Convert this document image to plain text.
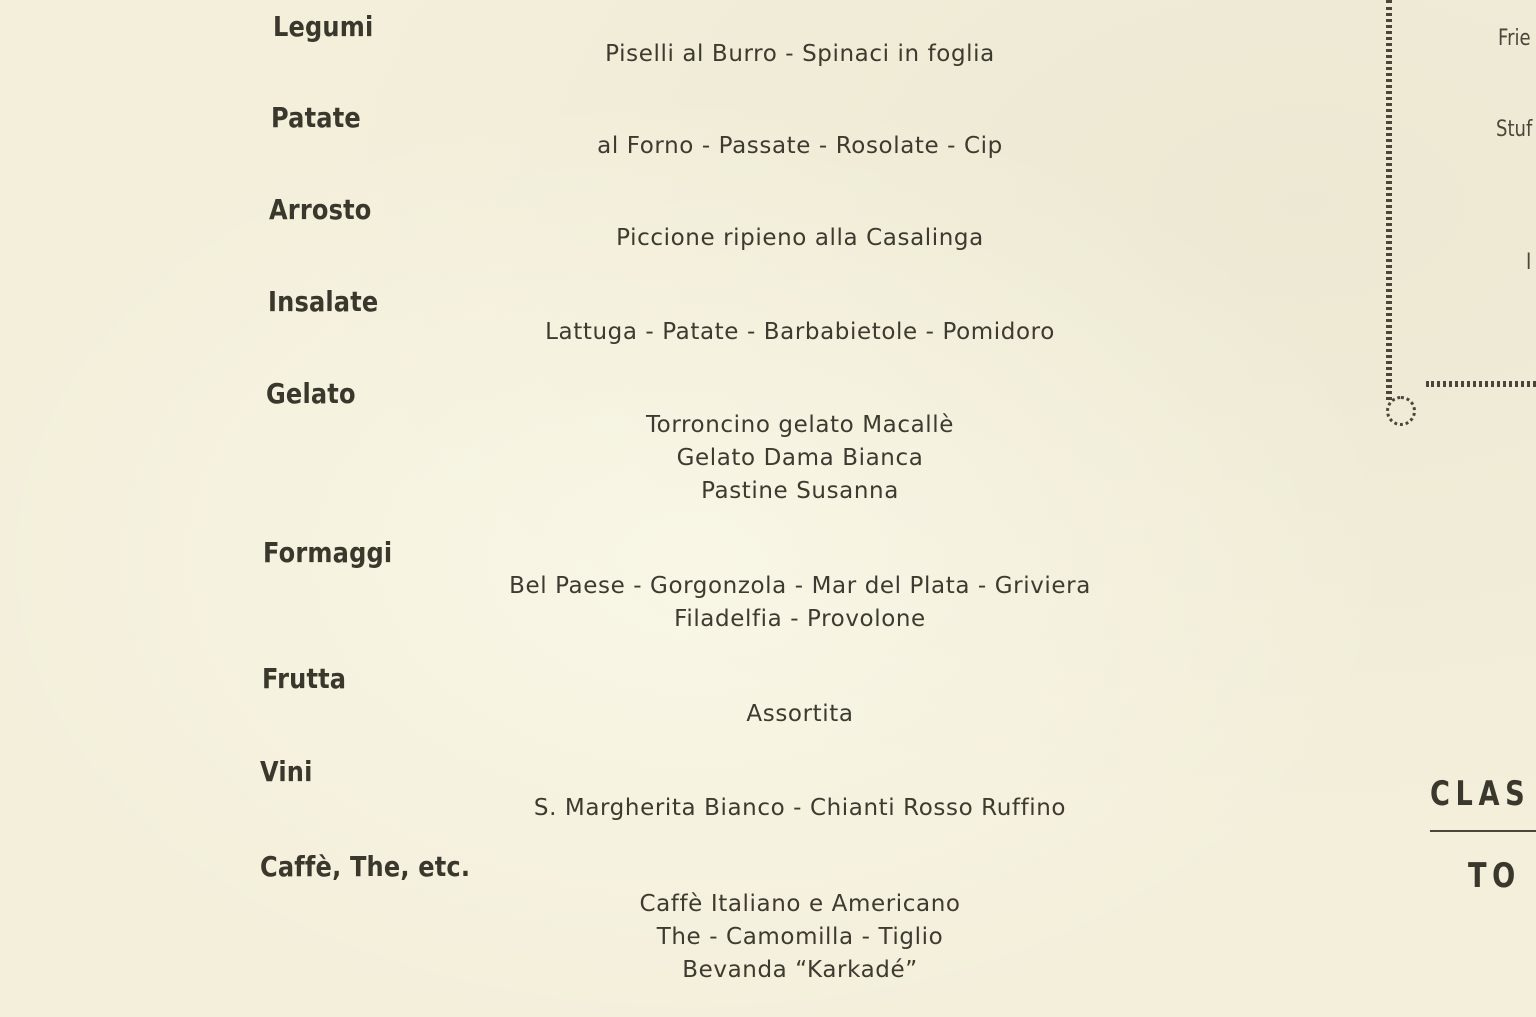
Legumi
Piselli al Burro - Spinaci in foglia
Patate
al Forno - Passate - Rosolate - Cip
Arrosto
Piccione ripieno alla Casalinga
Insalate
Lattuga - Patate - Barbabietole - Pomidoro
Gelato
Torroncino gelato Macallè
Gelato Dama Bianca
Pastine Susanna
Formaggi
Bel Paese - Gorgonzola - Mar del Plata - Griviera
Filadelfia - Provolone
Frutta
Assortita
Vini
S. Margherita Bianco - Chianti Rosso Ruffino
Caffè, The, etc.
Caffè Italiano e Americano
The - Camomilla - Tiglio
Bevanda “Karkadé”
Frie
Stuf
I
CLAS
TO
